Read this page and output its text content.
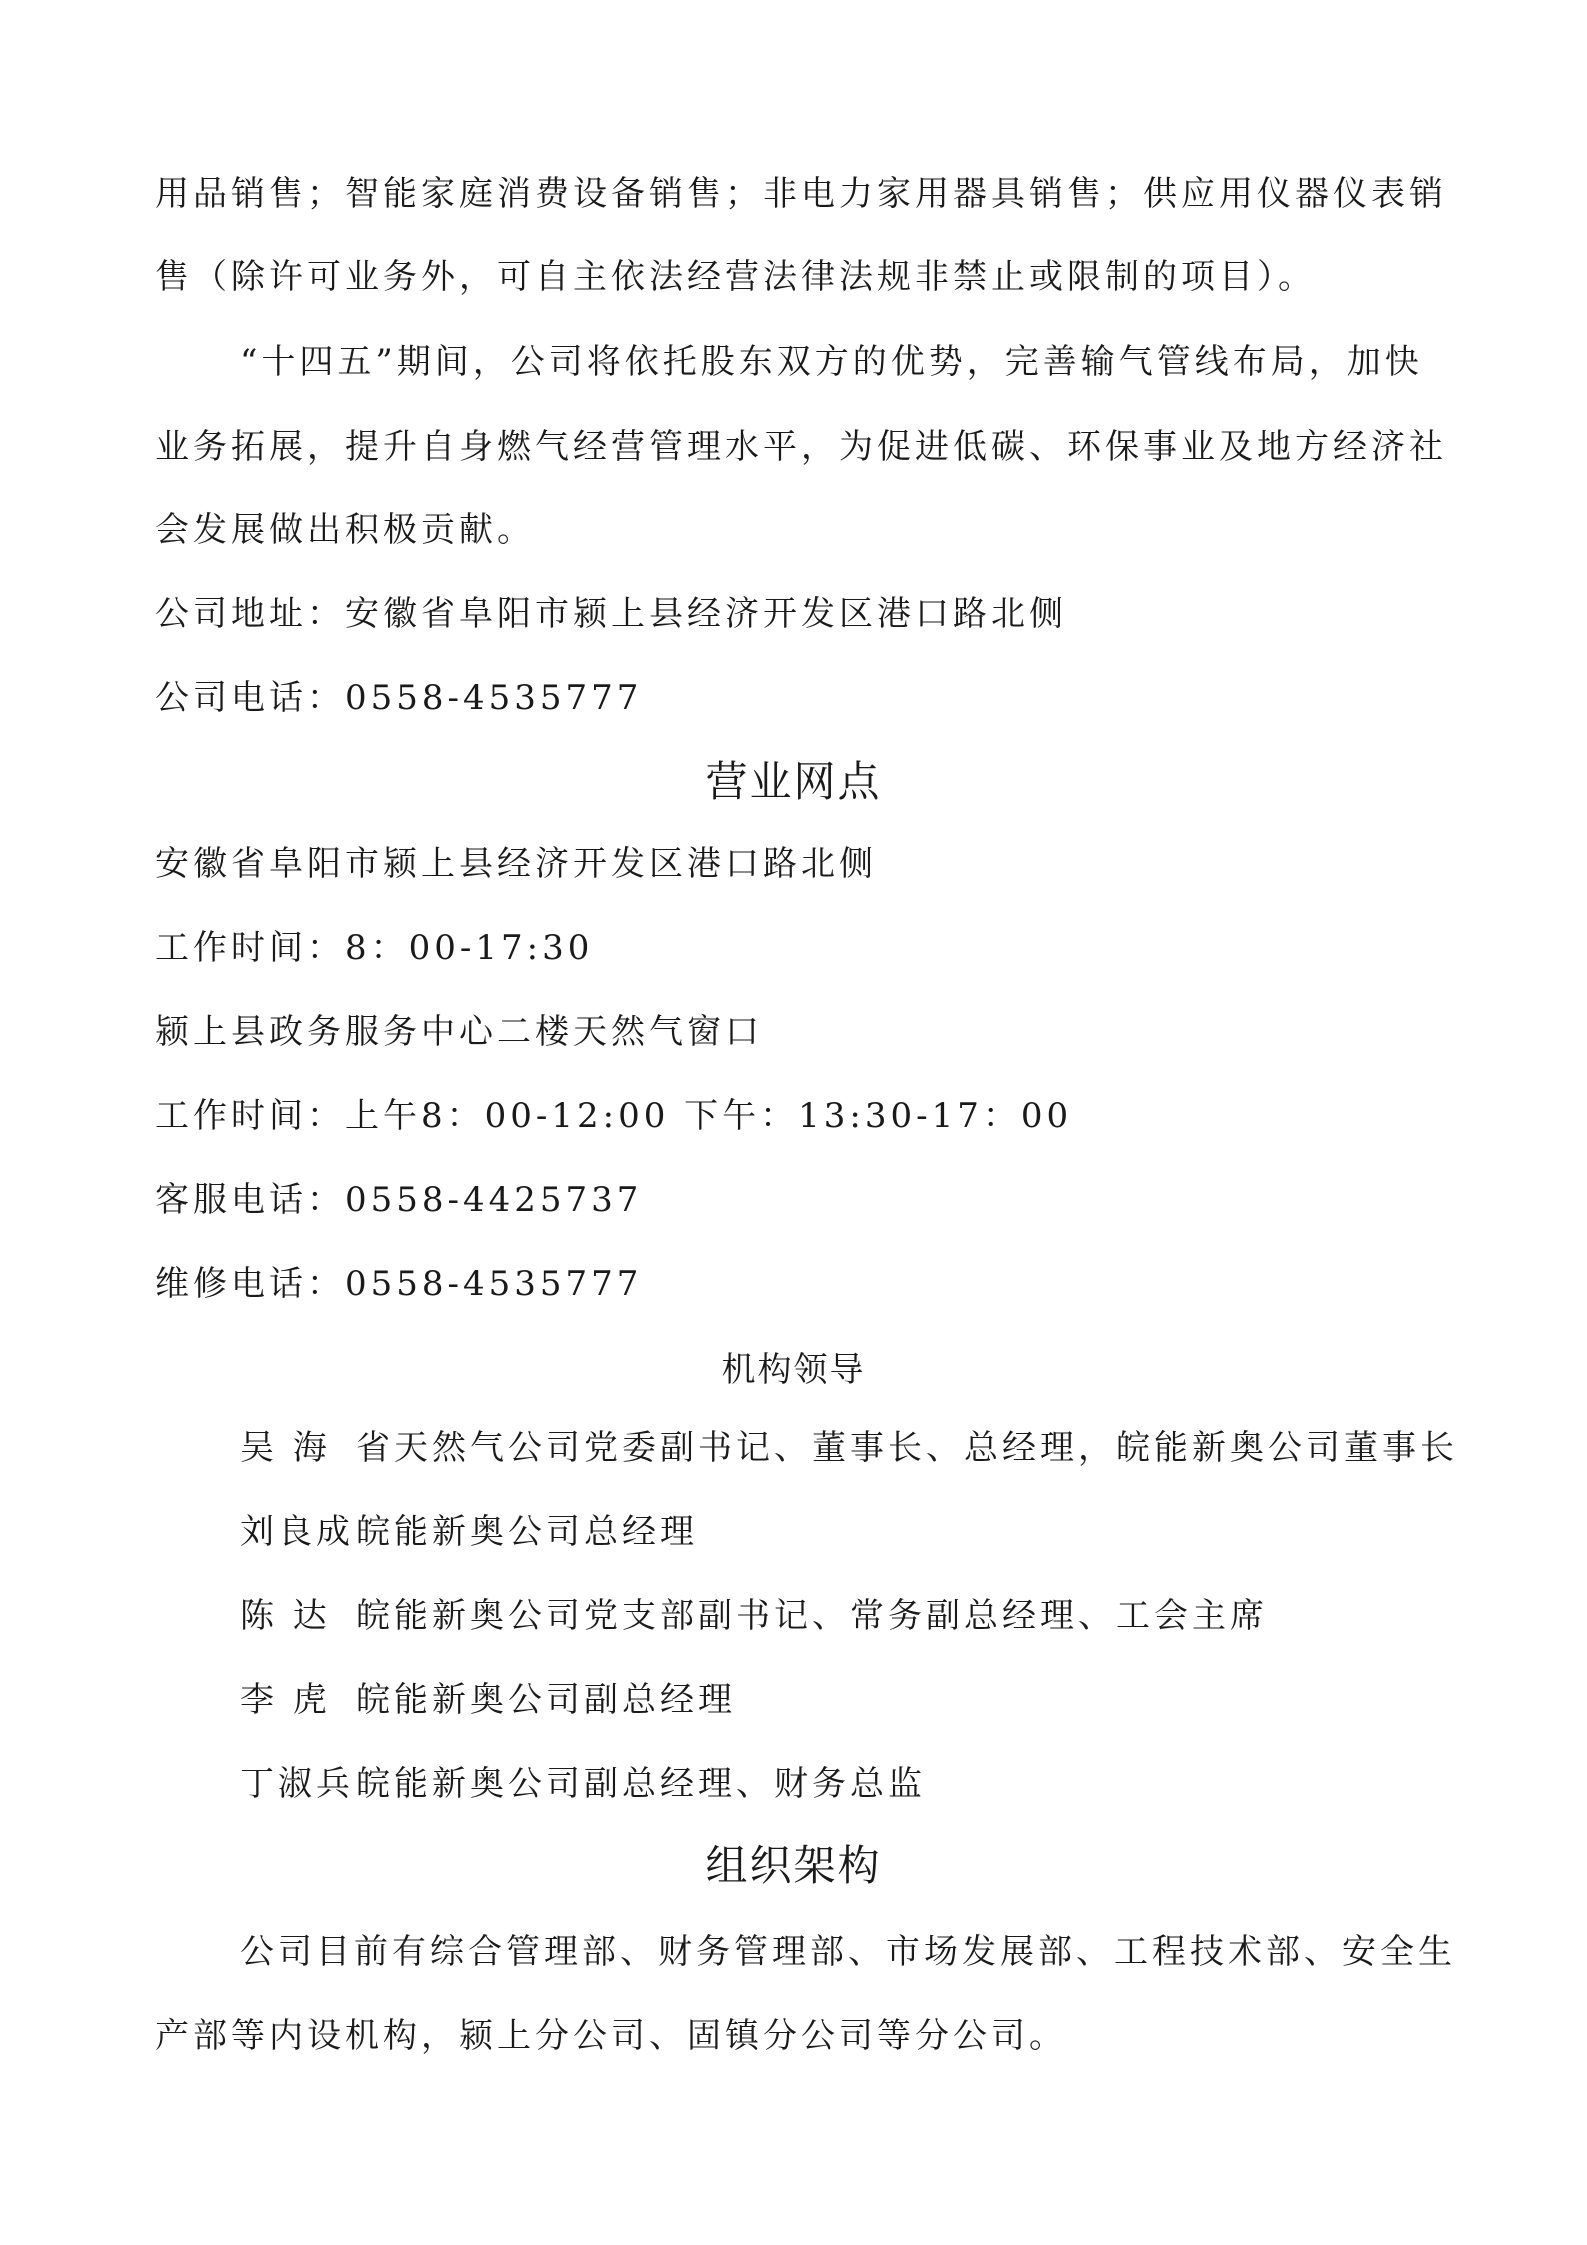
用品销售；智能家庭消费设备销售；非电力家用器具销售；供应用仪器仪表销
售（除许可业务外，可自主依法经营法律法规非禁止或限制的项目）。
“十四五”期间，公司将依托股东双方的优势，完善输气管线布局，加快
业务拓展，提升自身燃气经营管理水平，为促进低碳、环保事业及地方经济社
会发展做出积极贡献。
公司地址：安徽省阜阳市颍上县经济开发区港口路北侧
公司电话：0558-4535777
营业网点
安徽省阜阳市颍上县经济开发区港口路北侧
工作时间：8：00-17:30
颍上县政务服务中心二楼天然气窗口
工作时间：上午8：00-12:00 下午：13:30-17：00
客服电话：0558-4425737
维修电话：0558-4535777
机构领导
吴 海 省天然气公司党委副书记、董事长、总经理，皖能新奥公司董事长
刘良成皖能新奥公司总经理
陈 达 皖能新奥公司党支部副书记、常务副总经理、工会主席
李 虎 皖能新奥公司副总经理
丁淑兵皖能新奥公司副总经理、财务总监
组织架构
公司目前有综合管理部、财务管理部、市场发展部、工程技术部、安全生
产部等内设机构，颍上分公司、固镇分公司等分公司。
